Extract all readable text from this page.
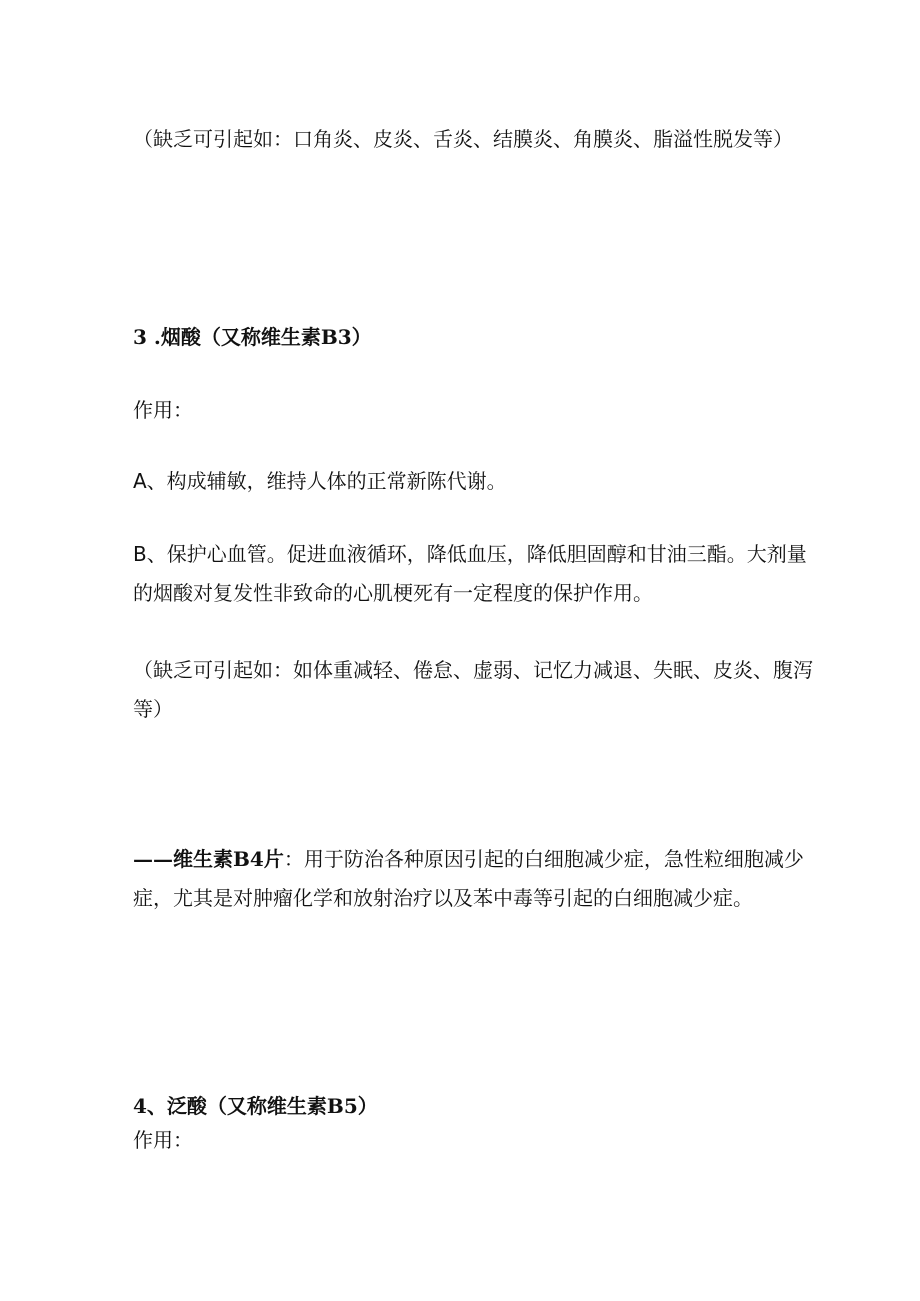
（缺乏可引起如：口角炎、皮炎、舌炎、结膜炎、角膜炎、脂溢性脱发等）

3 .烟酸（又称维生素B3）

作用：

A、构成辅敏，维持人体的正常新陈代谢。

B、保护心血管。促进血液循环，降低血压，降低胆固醇和甘油三酯。大剂量的烟酸对复发性非致命的心肌梗死有一定程度的保护作用。

（缺乏可引起如：如体重减轻、倦怠、虚弱、记忆力减退、失眠、皮炎、腹泻等）

——维生素B4片：用于防治各种原因引起的白细胞减少症，急性粒细胞减少症，尤其是对肿瘤化学和放射治疗以及苯中毒等引起的白细胞减少症。

4、泛酸（又称维生素B5）

作用：
